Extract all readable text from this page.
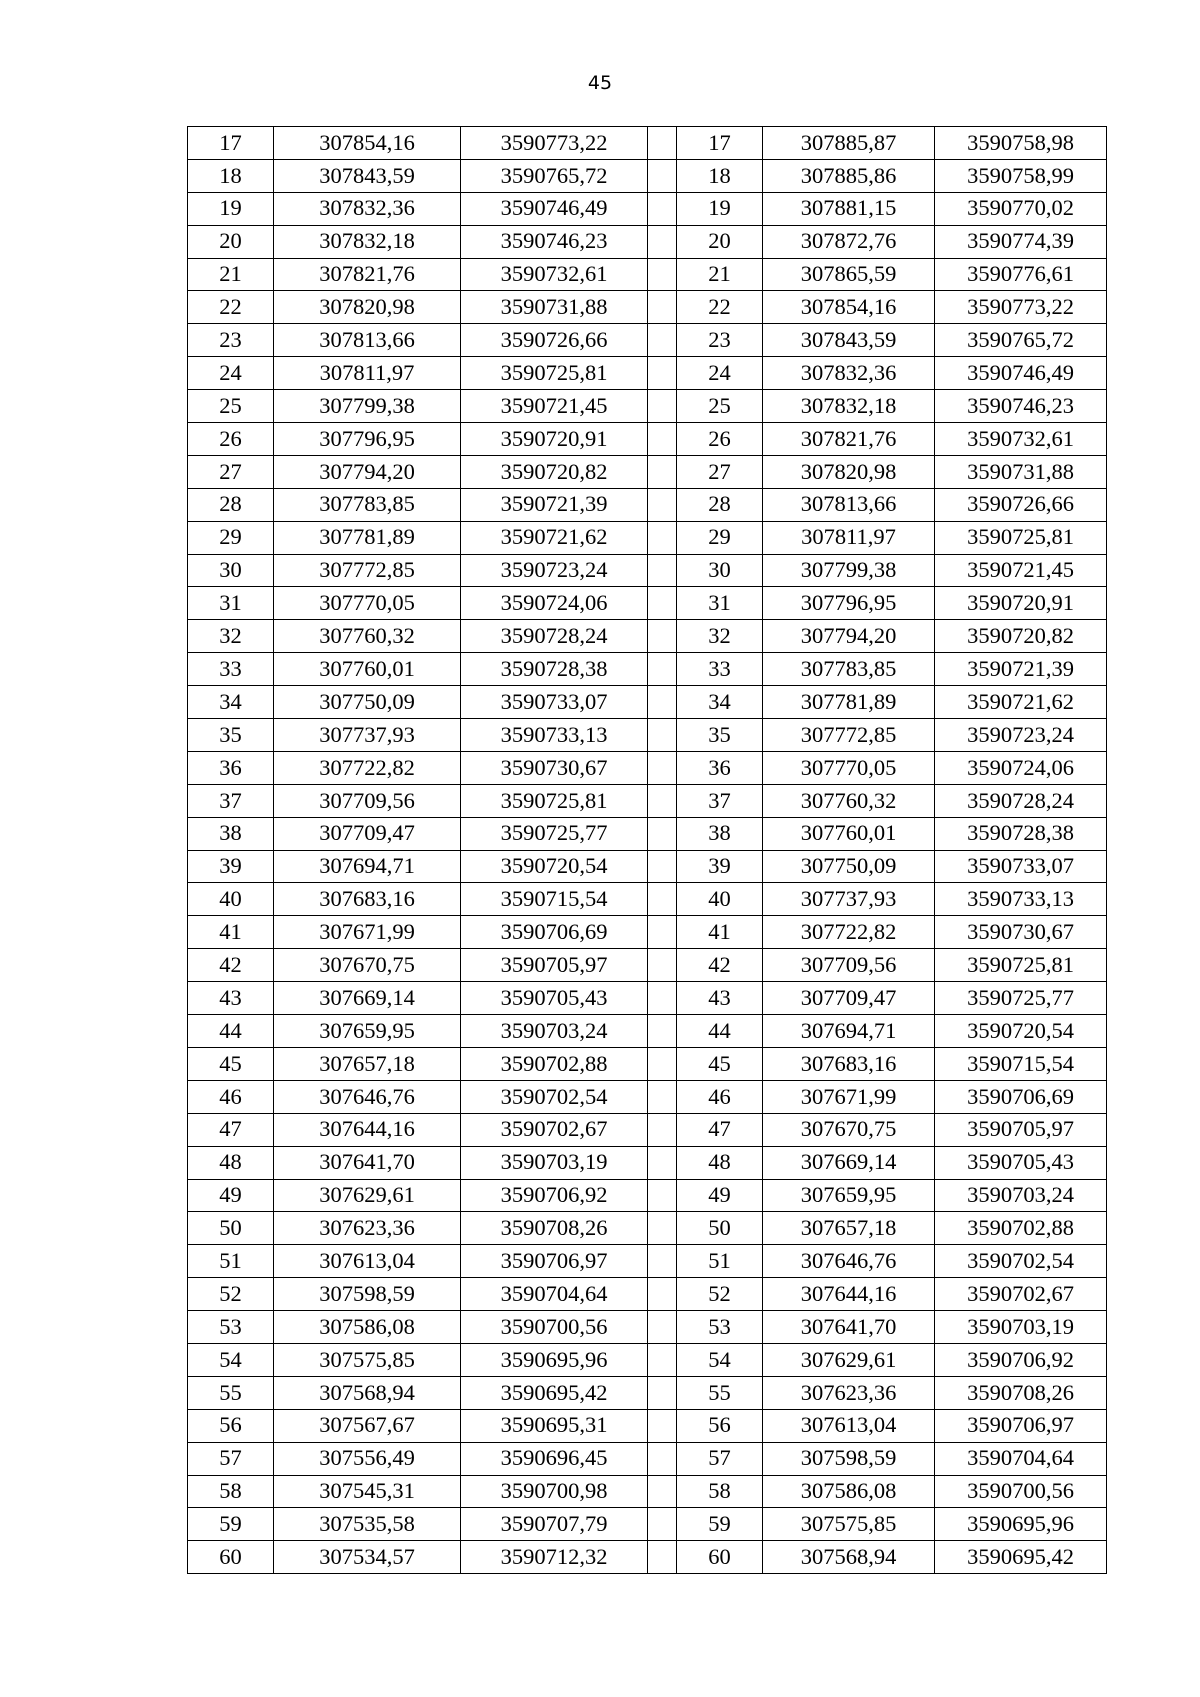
45
17	307854,16	3590773,22		17	307885,87	3590758,98
18	307843,59	3590765,72		18	307885,86	3590758,99
19	307832,36	3590746,49		19	307881,15	3590770,02
20	307832,18	3590746,23		20	307872,76	3590774,39
21	307821,76	3590732,61		21	307865,59	3590776,61
22	307820,98	3590731,88		22	307854,16	3590773,22
23	307813,66	3590726,66		23	307843,59	3590765,72
24	307811,97	3590725,81		24	307832,36	3590746,49
25	307799,38	3590721,45		25	307832,18	3590746,23
26	307796,95	3590720,91		26	307821,76	3590732,61
27	307794,20	3590720,82		27	307820,98	3590731,88
28	307783,85	3590721,39		28	307813,66	3590726,66
29	307781,89	3590721,62		29	307811,97	3590725,81
30	307772,85	3590723,24		30	307799,38	3590721,45
31	307770,05	3590724,06		31	307796,95	3590720,91
32	307760,32	3590728,24		32	307794,20	3590720,82
33	307760,01	3590728,38		33	307783,85	3590721,39
34	307750,09	3590733,07		34	307781,89	3590721,62
35	307737,93	3590733,13		35	307772,85	3590723,24
36	307722,82	3590730,67		36	307770,05	3590724,06
37	307709,56	3590725,81		37	307760,32	3590728,24
38	307709,47	3590725,77		38	307760,01	3590728,38
39	307694,71	3590720,54		39	307750,09	3590733,07
40	307683,16	3590715,54		40	307737,93	3590733,13
41	307671,99	3590706,69		41	307722,82	3590730,67
42	307670,75	3590705,97		42	307709,56	3590725,81
43	307669,14	3590705,43		43	307709,47	3590725,77
44	307659,95	3590703,24		44	307694,71	3590720,54
45	307657,18	3590702,88		45	307683,16	3590715,54
46	307646,76	3590702,54		46	307671,99	3590706,69
47	307644,16	3590702,67		47	307670,75	3590705,97
48	307641,70	3590703,19		48	307669,14	3590705,43
49	307629,61	3590706,92		49	307659,95	3590703,24
50	307623,36	3590708,26		50	307657,18	3590702,88
51	307613,04	3590706,97		51	307646,76	3590702,54
52	307598,59	3590704,64		52	307644,16	3590702,67
53	307586,08	3590700,56		53	307641,70	3590703,19
54	307575,85	3590695,96		54	307629,61	3590706,92
55	307568,94	3590695,42		55	307623,36	3590708,26
56	307567,67	3590695,31		56	307613,04	3590706,97
57	307556,49	3590696,45		57	307598,59	3590704,64
58	307545,31	3590700,98		58	307586,08	3590700,56
59	307535,58	3590707,79		59	307575,85	3590695,96
60	307534,57	3590712,32		60	307568,94	3590695,42
